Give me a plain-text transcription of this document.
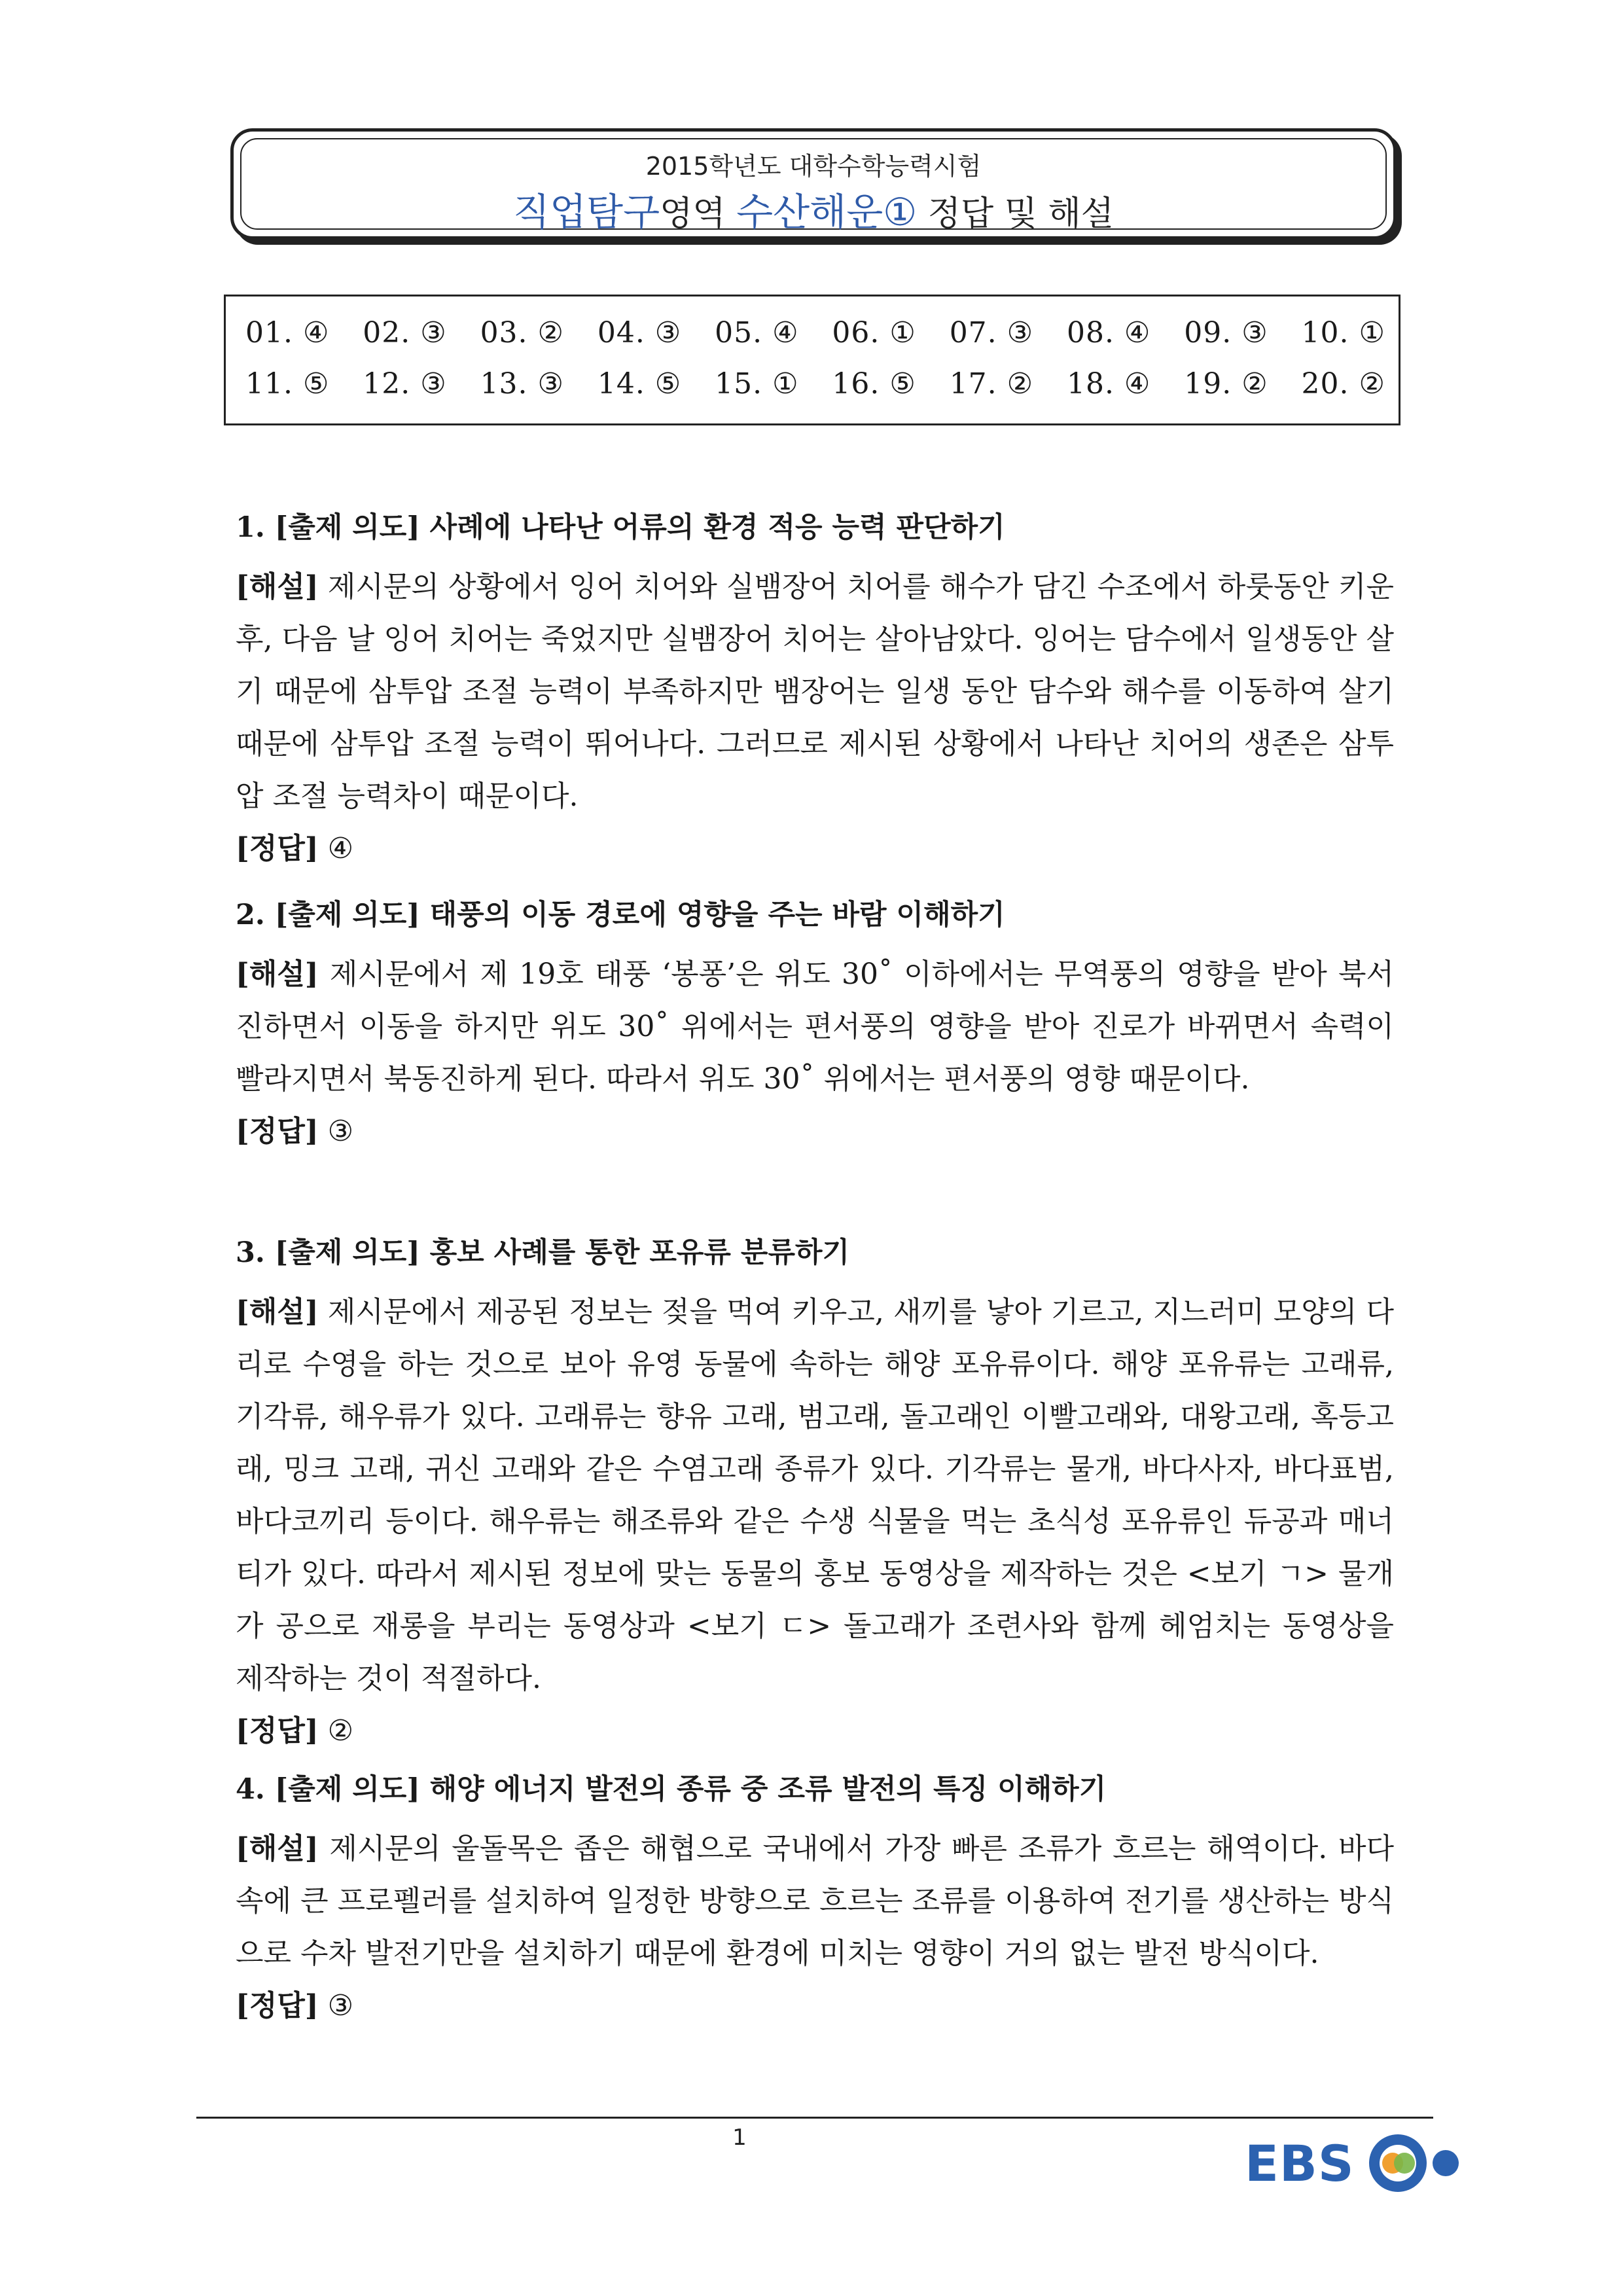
2015학년도 대학수학능력시험
직업탐구영역 수산해운① 정답 및 해설
01. ④ 02. ③ 03. ② 04. ③ 05. ④ 06. ① 07. ③ 08. ④ 09. ③ 10. ①
11. ⑤ 12. ③ 13. ③ 14. ⑤ 15. ① 16. ⑤ 17. ② 18. ④ 19. ② 20. ②
1. [출제 의도] 사례에 나타난 어류의 환경 적응 능력 판단하기
[해설] 제시문의 상황에서 잉어 치어와 실뱀장어 치어를 해수가 담긴 수조에서 하룻동안 키운 후, 다음 날 잉어 치어는 죽었지만 실뱀장어 치어는 살아남았다. 잉어는 담수에서 일생동안 살기 때문에 삼투압 조절 능력이 부족하지만 뱀장어는 일생 동안 담수와 해수를 이동하여 살기 때문에 삼투압 조절 능력이 뛰어나다. 그러므로 제시된 상황에서 나타난 치어의 생존은 삼투압 조절 능력차이 때문이다.
[정답] ④
2. [출제 의도] 태풍의 이동 경로에 영향을 주는 바람 이해하기
[해설] 제시문에서 제 19호 태풍 ‘봉퐁’은 위도 30˚ 이하에서는 무역풍의 영향을 받아 북서진하면서 이동을 하지만 위도 30˚ 위에서는 편서풍의 영향을 받아 진로가 바뀌면서 속력이 빨라지면서 북동진하게 된다. 따라서 위도 30˚ 위에서는 편서풍의 영향 때문이다.
[정답] ③
3. [출제 의도] 홍보 사례를 통한 포유류 분류하기
[해설] 제시문에서 제공된 정보는 젖을 먹여 키우고, 새끼를 낳아 기르고, 지느러미 모양의 다리로 수영을 하는 것으로 보아 유영 동물에 속하는 해양 포유류이다. 해양 포유류는 고래류, 기각류, 해우류가 있다. 고래류는 향유 고래, 범고래, 돌고래인 이빨고래와, 대왕고래, 혹등고래, 밍크 고래, 귀신 고래와 같은 수염고래 종류가 있다. 기각류는 물개, 바다사자, 바다표범, 바다코끼리 등이다. 해우류는 해조류와 같은 수생 식물을 먹는 초식성 포유류인 듀공과 매너티가 있다. 따라서 제시된 정보에 맞는 동물의 홍보 동영상을 제작하는 것은 <보기 ㄱ> 물개가 공으로 재롱을 부리는 동영상과 <보기 ㄷ> 돌고래가 조련사와 함께 헤엄치는 동영상을 제작하는 것이 적절하다.
[정답] ②
4. [출제 의도] 해양 에너지 발전의 종류 중 조류 발전의 특징 이해하기
[해설] 제시문의 울돌목은 좁은 해협으로 국내에서 가장 빠른 조류가 흐르는 해역이다. 바다 속에 큰 프로펠러를 설치하여 일정한 방향으로 흐르는 조류를 이용하여 전기를 생산하는 방식으로 수차 발전기만을 설치하기 때문에 환경에 미치는 영향이 거의 없는 발전 방식이다.
[정답] ③
1	EBS
